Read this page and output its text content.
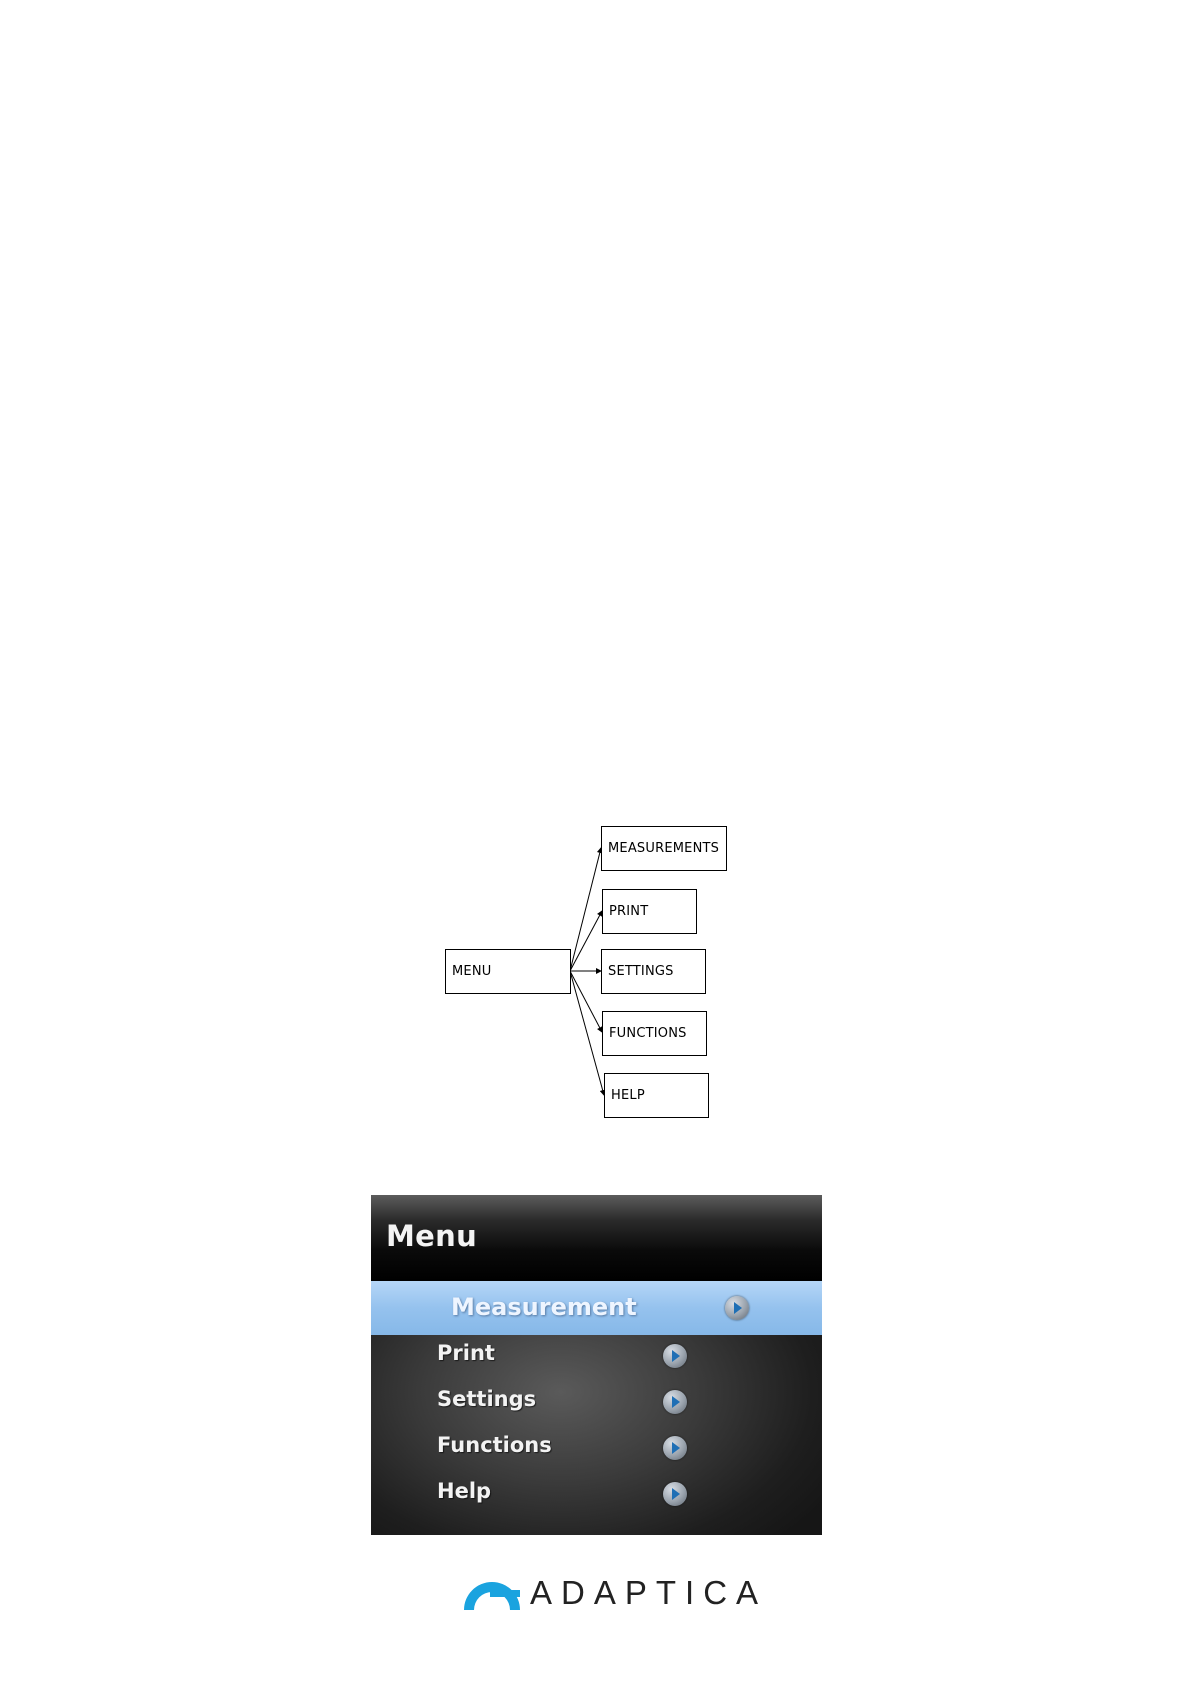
MENU
MEASUREMENTS
PRINT
SETTINGS
FUNCTIONS
HELP
Menu
Measurement
Print
Settings
Functions
Help
ADAPTICA
